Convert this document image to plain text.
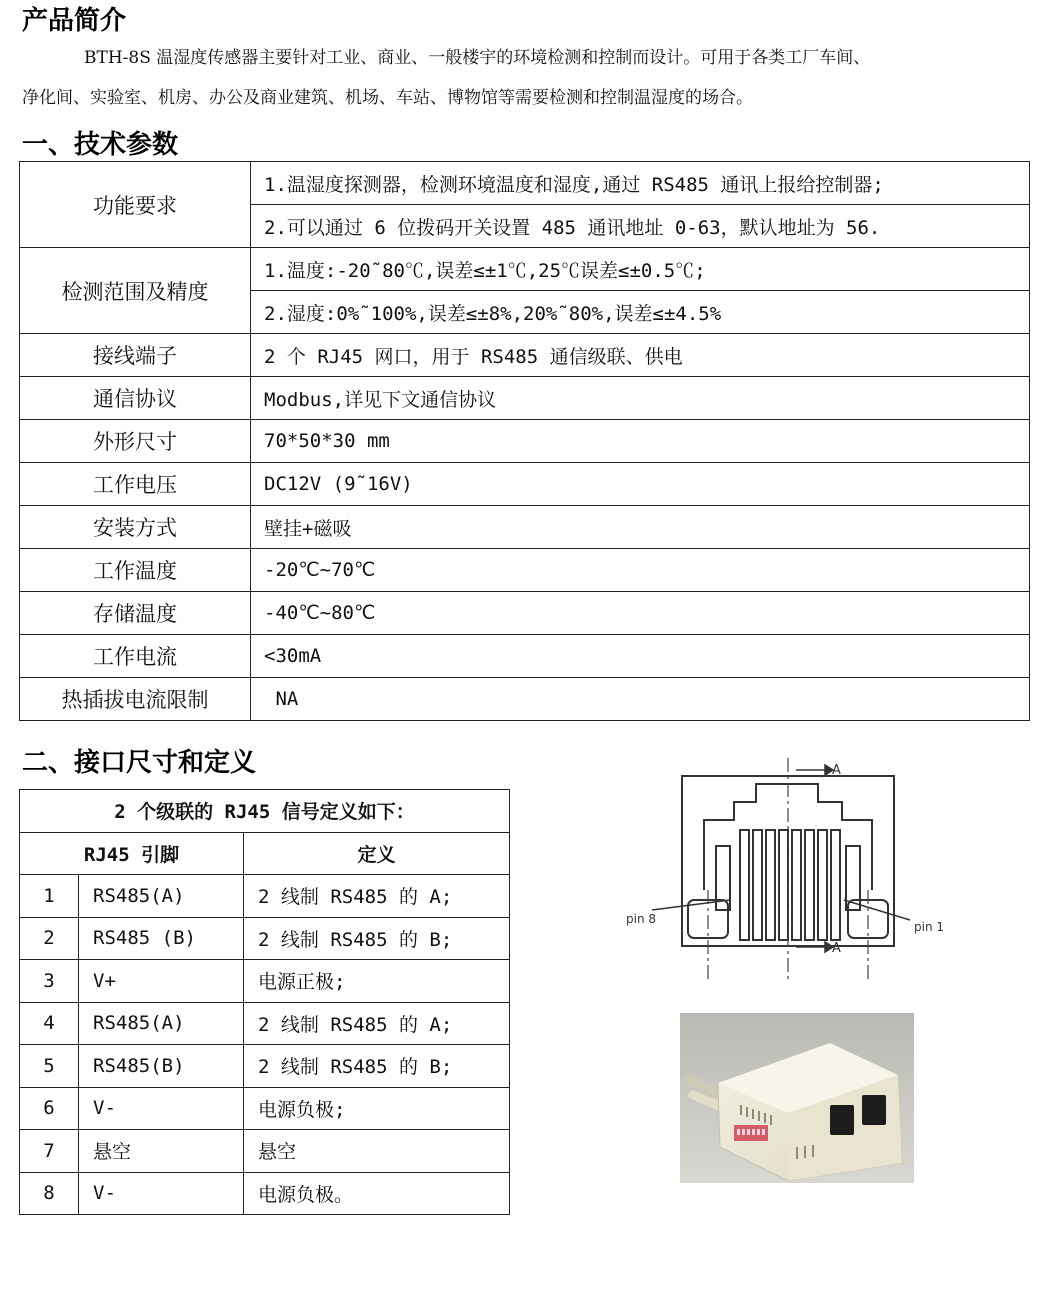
产品简介
BTH-8S 温湿度传感器主要针对工业、商业、一般楼宇的环境检测和控制而设计。可用于各类工厂车间、
净化间、实验室、机房、办公及商业建筑、机场、车站、博物馆等需要检测和控制温湿度的场合。
一、技术参数
功能要求	1.温湿度探测器，检测环境温度和湿度,通过 RS485 通讯上报给控制器;
	2.可以通过 6 位拨码开关设置 485 通讯地址 0-63，默认地址为 56.
检测范围及精度	1.温度:-20˜80℃,误差≤±1℃,25℃误差≤±0.5℃;
	2.湿度:0%˜100%,误差≤±8%,20%˜80%,误差≤±4.5%
接线端子	2 个 RJ45 网口，用于 RS485 通信级联、供电
通信协议	Modbus,详见下文通信协议
外形尺寸	70*50*30 mm
工作电压	DC12V (9˜16V)
安装方式	壁挂+磁吸
工作温度	-20℃~70℃
存储温度	-40℃~80℃
工作电流	<30mA
热插拔电流限制	NA
二、接口尺寸和定义
2 个级联的 RJ45 信号定义如下：		
RJ45 引脚		定义
1	RS485(A)	2 线制 RS485 的 A;
2	RS485 (B)	2 线制 RS485 的 B;
3	V+	电源正极;
4	RS485(A)	2 线制 RS485 的 A;
5	RS485(B)	2 线制 RS485 的 B;
6	V-	电源负极;
7	悬空	悬空
8	V-	电源负极。
A
A
pin 8
pin 1
